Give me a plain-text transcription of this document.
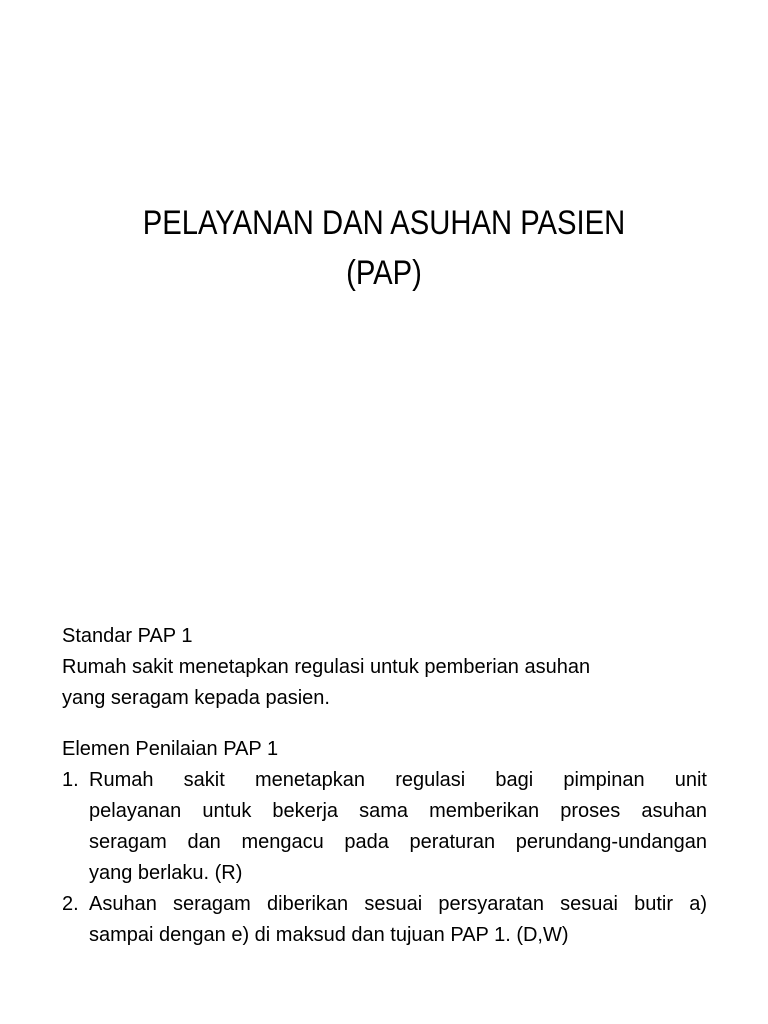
PELAYANAN DAN ASUHAN PASIEN
(PAP)
Standar PAP 1
Rumah sakit menetapkan regulasi untuk pemberian asuhan
yang seragam kepada pasien.
Elemen Penilaian PAP 1
1. Rumah sakit menetapkan regulasi bagi pimpinan unit
pelayanan untuk bekerja sama memberikan proses asuhan
seragam dan mengacu pada peraturan perundang-undangan
yang berlaku. (R)
2. Asuhan seragam diberikan sesuai persyaratan sesuai butir a)
sampai dengan e) di maksud dan tujuan PAP 1. (D,W)
